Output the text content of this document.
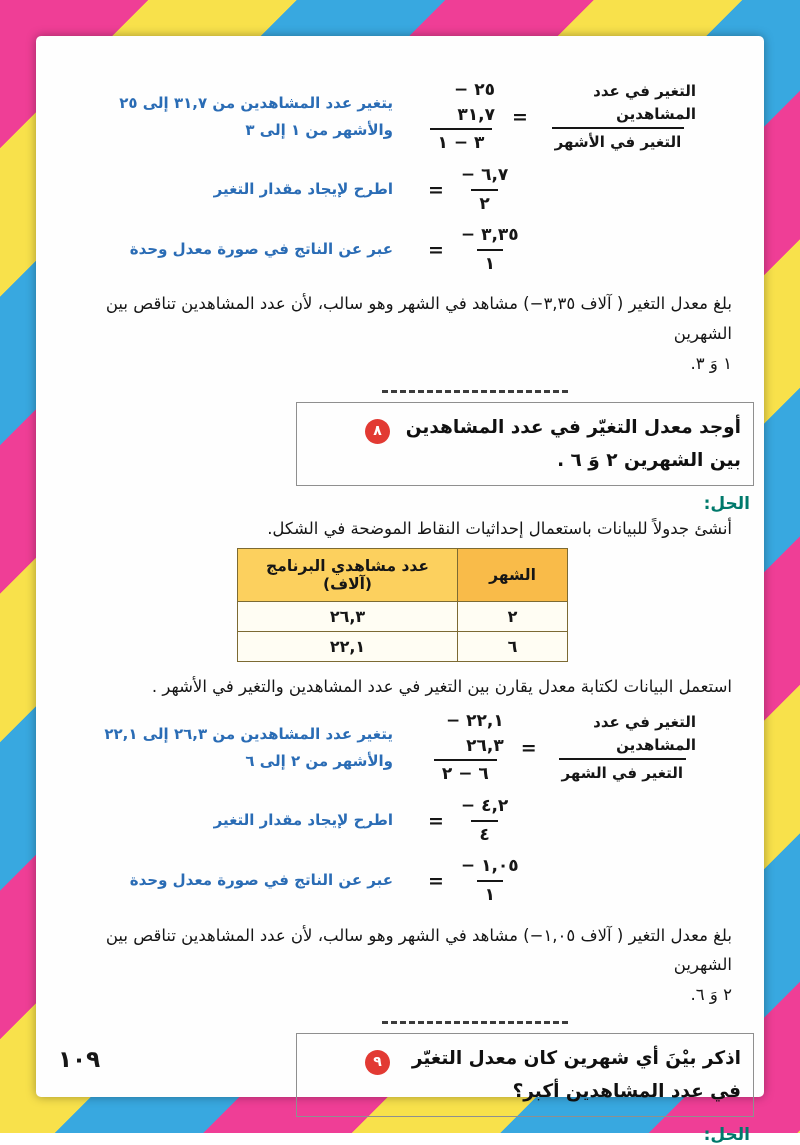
التغير في عدد المشاهدين
التغير في الأشهر
=
٢٥ − ٣١,٧
٣ − ١
يتغير عدد المشاهدين من ٣١,٧ إلى ٢٥
والأشهر من ١ إلى ٣
− ٦,٧
٢
=
اطرح لإيجاد مقدار التغير
− ٣,٣٥
١
=
عبر عن الناتج في صورة معدل وحدة
بلغ معدل التغير (−٣,٣٥‎ آلاف ) مشاهد في الشهر وهو سالب، لأن عدد المشاهدين تناقص بين الشهرين
١ وَ ٣.
أوجد معدل التغيّر في عدد المشاهدين بين الشهرين ٢ وَ ٦ .
٨
الحل:
أنشئ جدولاً للبيانات باستعمال إحداثيات النقاط الموضحة في الشكل.
الشهر	عدد مشاهدي البرنامج (آلاف)
٢	٢٦,٣
٦	٢٢,١
استعمل البيانات لكتابة معدل يقارن بين التغير في عدد المشاهدين والتغير في الأشهر .
التغير في عدد المشاهدين
التغير في الشهر
=
٢٢,١ − ٢٦,٣
٦ − ٢
يتغير عدد المشاهدين من ٢٦,٣ إلى ٢٢,١
والأشهر من ٢ إلى ٦
− ٤,٢
٤
=
اطرح لإيجاد مقدار التغير
− ١,٠٥
١
=
عبر عن الناتج في صورة معدل وحدة
بلغ معدل التغير (−١,٠٥‎ آلاف ) مشاهد في الشهر وهو سالب، لأن عدد المشاهدين تناقص بين الشهرين
٢ وَ ٦.
اذكر بيْنَ أي شهرين كان معدل التغيّر في عدد المشاهدين أكبر؟
٩
الحل:
١٠٩
